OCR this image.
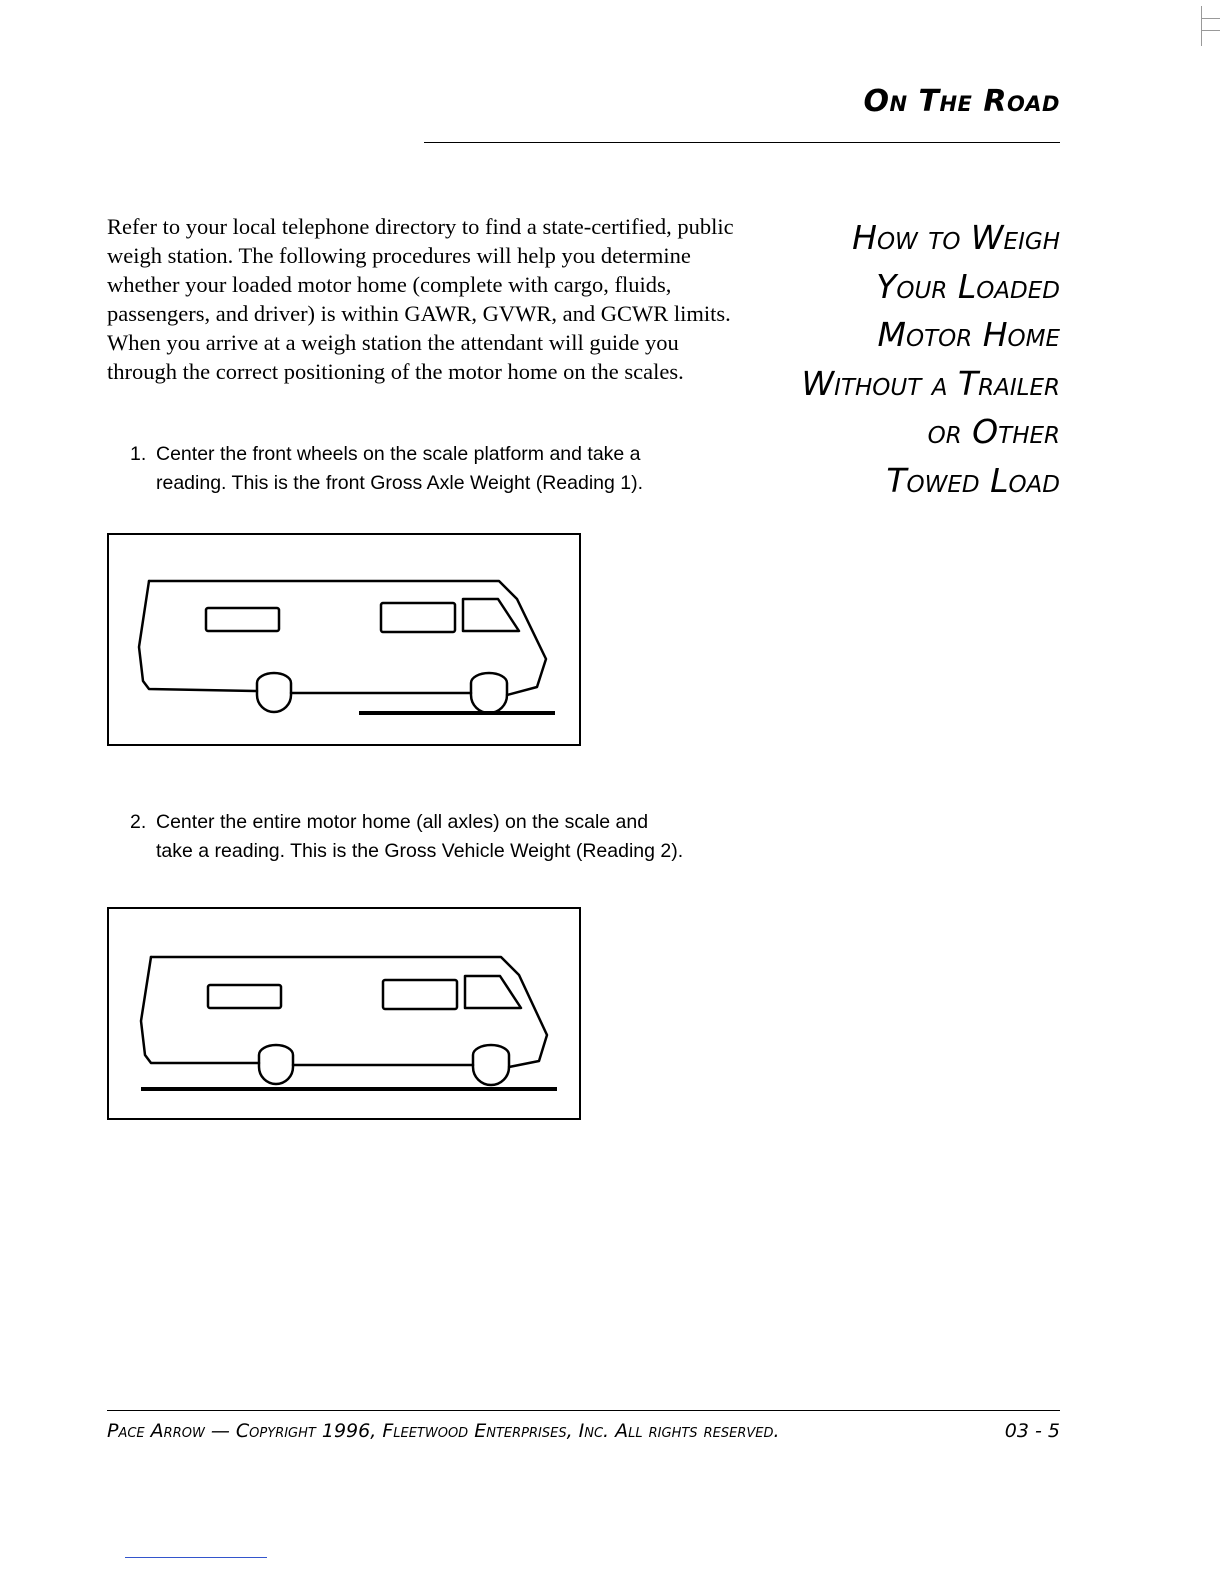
On The Road

Refer to your local telephone directory to find a state-certified, public weigh station. The following procedures will help you determine whether your loaded motor home (complete with cargo, fluids, passengers, and driver) is within GAWR, GVWR, and GCWR limits. When you arrive at a weigh station the attendant will guide you through the correct positioning of the motor home on the scales.

How to Weigh
Your Loaded
Motor Home
Without a Trailer
or Other
Towed Load

1. Center the front wheels on the scale platform and take a
reading. This is the front Gross Axle Weight (Reading 1).

2. Center the entire motor home (all axles) on the scale and
take a reading. This is the Gross Vehicle Weight (Reading 2).

Pace Arrow — Copyright 1996, Fleetwood Enterprises, Inc. All rights reserved.	03 - 5
